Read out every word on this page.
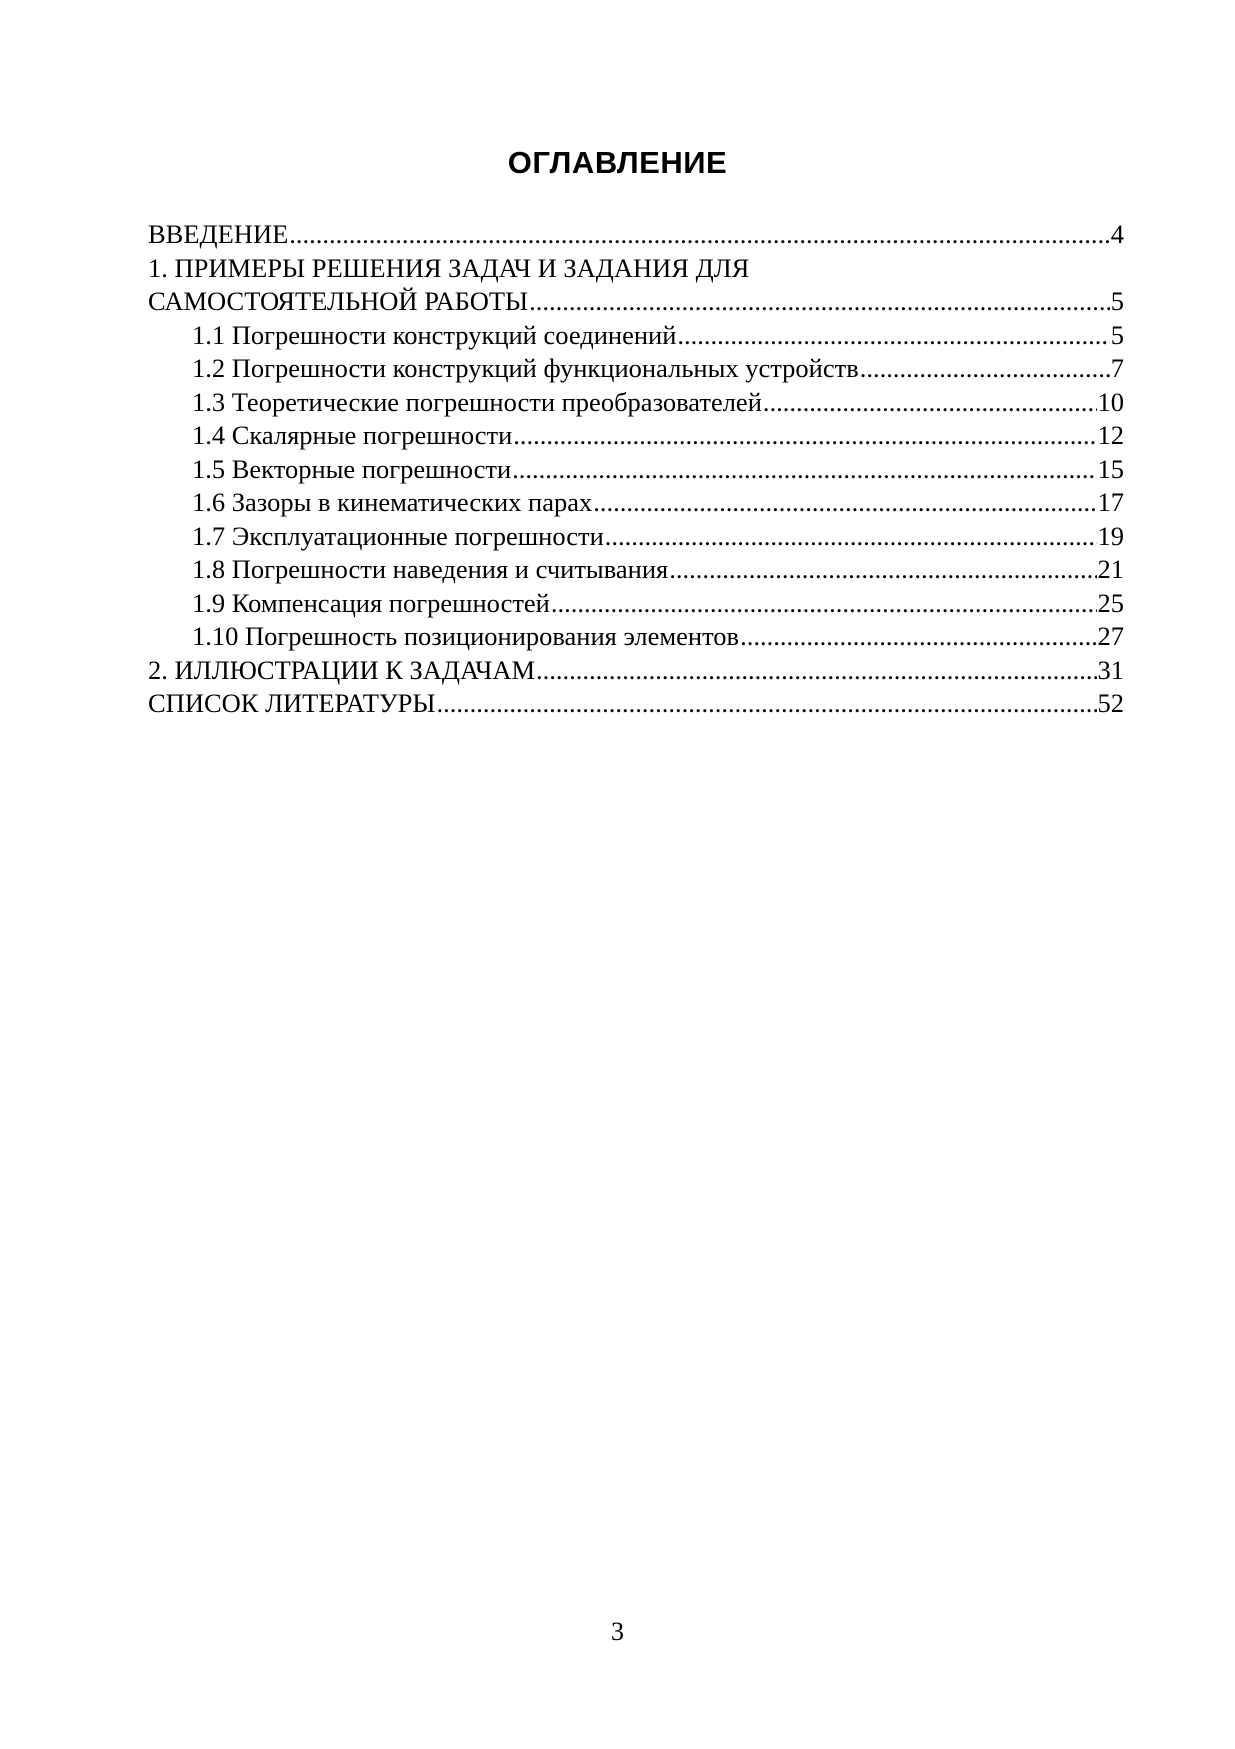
ОГЛАВЛЕНИЕ
ВВЕДЕНИЕ .....	4
1. ПРИМЕРЫ РЕШЕНИЯ ЗАДАЧ И ЗАДАНИЯ ДЛЯ
САМОСТОЯТЕЛЬНОЙ РАБОТЫ .....	5
1.1 Погрешности конструкций соединений .....	5
1.2 Погрешности конструкций функциональных устройств .....	7
1.3 Теоретические погрешности преобразователей .....	10
1.4 Скалярные погрешности .....	12
1.5 Векторные погрешности .....	15
1.6 Зазоры в кинематических парах .....	17
1.7 Эксплуатационные погрешности .....	19
1.8 Погрешности наведения и считывания .....	21
1.9 Компенсация погрешностей .....	25
1.10 Погрешность позиционирования элементов .....	27
2. ИЛЛЮСТРАЦИИ К ЗАДАЧАМ .....	31
СПИСОК ЛИТЕРАТУРЫ .....	52
3
